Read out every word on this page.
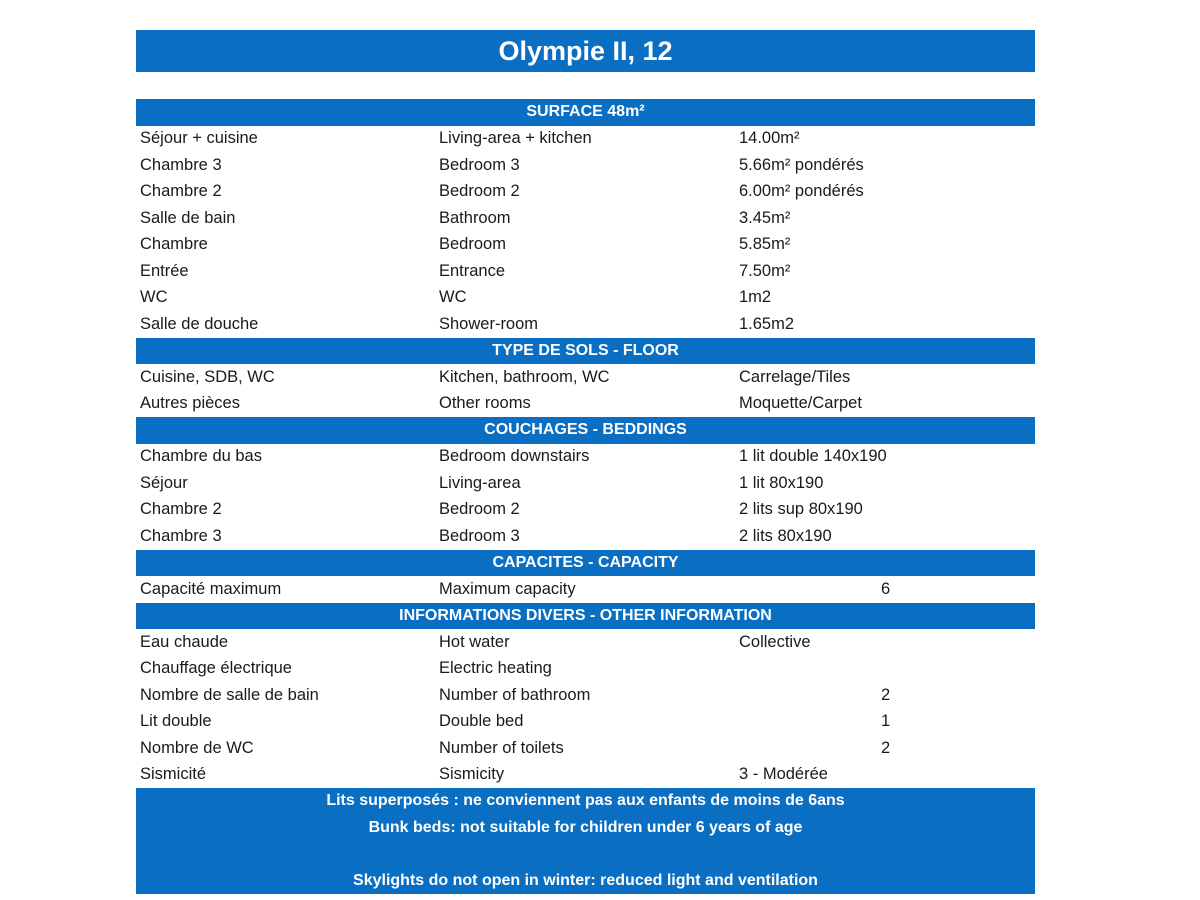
Olympie II, 12
SURFACE 48m²
Séjour + cuisine	Living-area + kitchen	14.00m²
Chambre 3	Bedroom 3	5.66m² pondérés
Chambre 2	Bedroom 2	6.00m² pondérés
Salle de bain	Bathroom	3.45m²
Chambre	Bedroom	5.85m²
Entrée	Entrance	7.50m²
WC	WC	1m2
Salle de douche	Shower-room	1.65m2
TYPE DE SOLS - FLOOR
Cuisine, SDB, WC	Kitchen, bathroom, WC	Carrelage/Tiles
Autres pièces	Other rooms	Moquette/Carpet
COUCHAGES - BEDDINGS
Chambre du bas	Bedroom downstairs	1 lit double 140x190
Séjour	Living-area	1 lit 80x190
Chambre 2	Bedroom 2	2 lits sup 80x190
Chambre 3	Bedroom 3	2 lits 80x190
CAPACITES - CAPACITY
Capacité maximum	Maximum capacity	6
INFORMATIONS DIVERS - OTHER INFORMATION
Eau chaude	Hot water	Collective
Chauffage électrique	Electric heating
Nombre de salle de bain	Number of bathroom	2
Lit double	Double bed	1
Nombre de WC	Number of toilets	2
Sismicité	Sismicity	3 - Modérée
Lits superposés : ne conviennent pas aux enfants de moins de 6ans
Bunk beds: not suitable for children under 6 years of age
Skylights do not open in winter: reduced light and ventilation
